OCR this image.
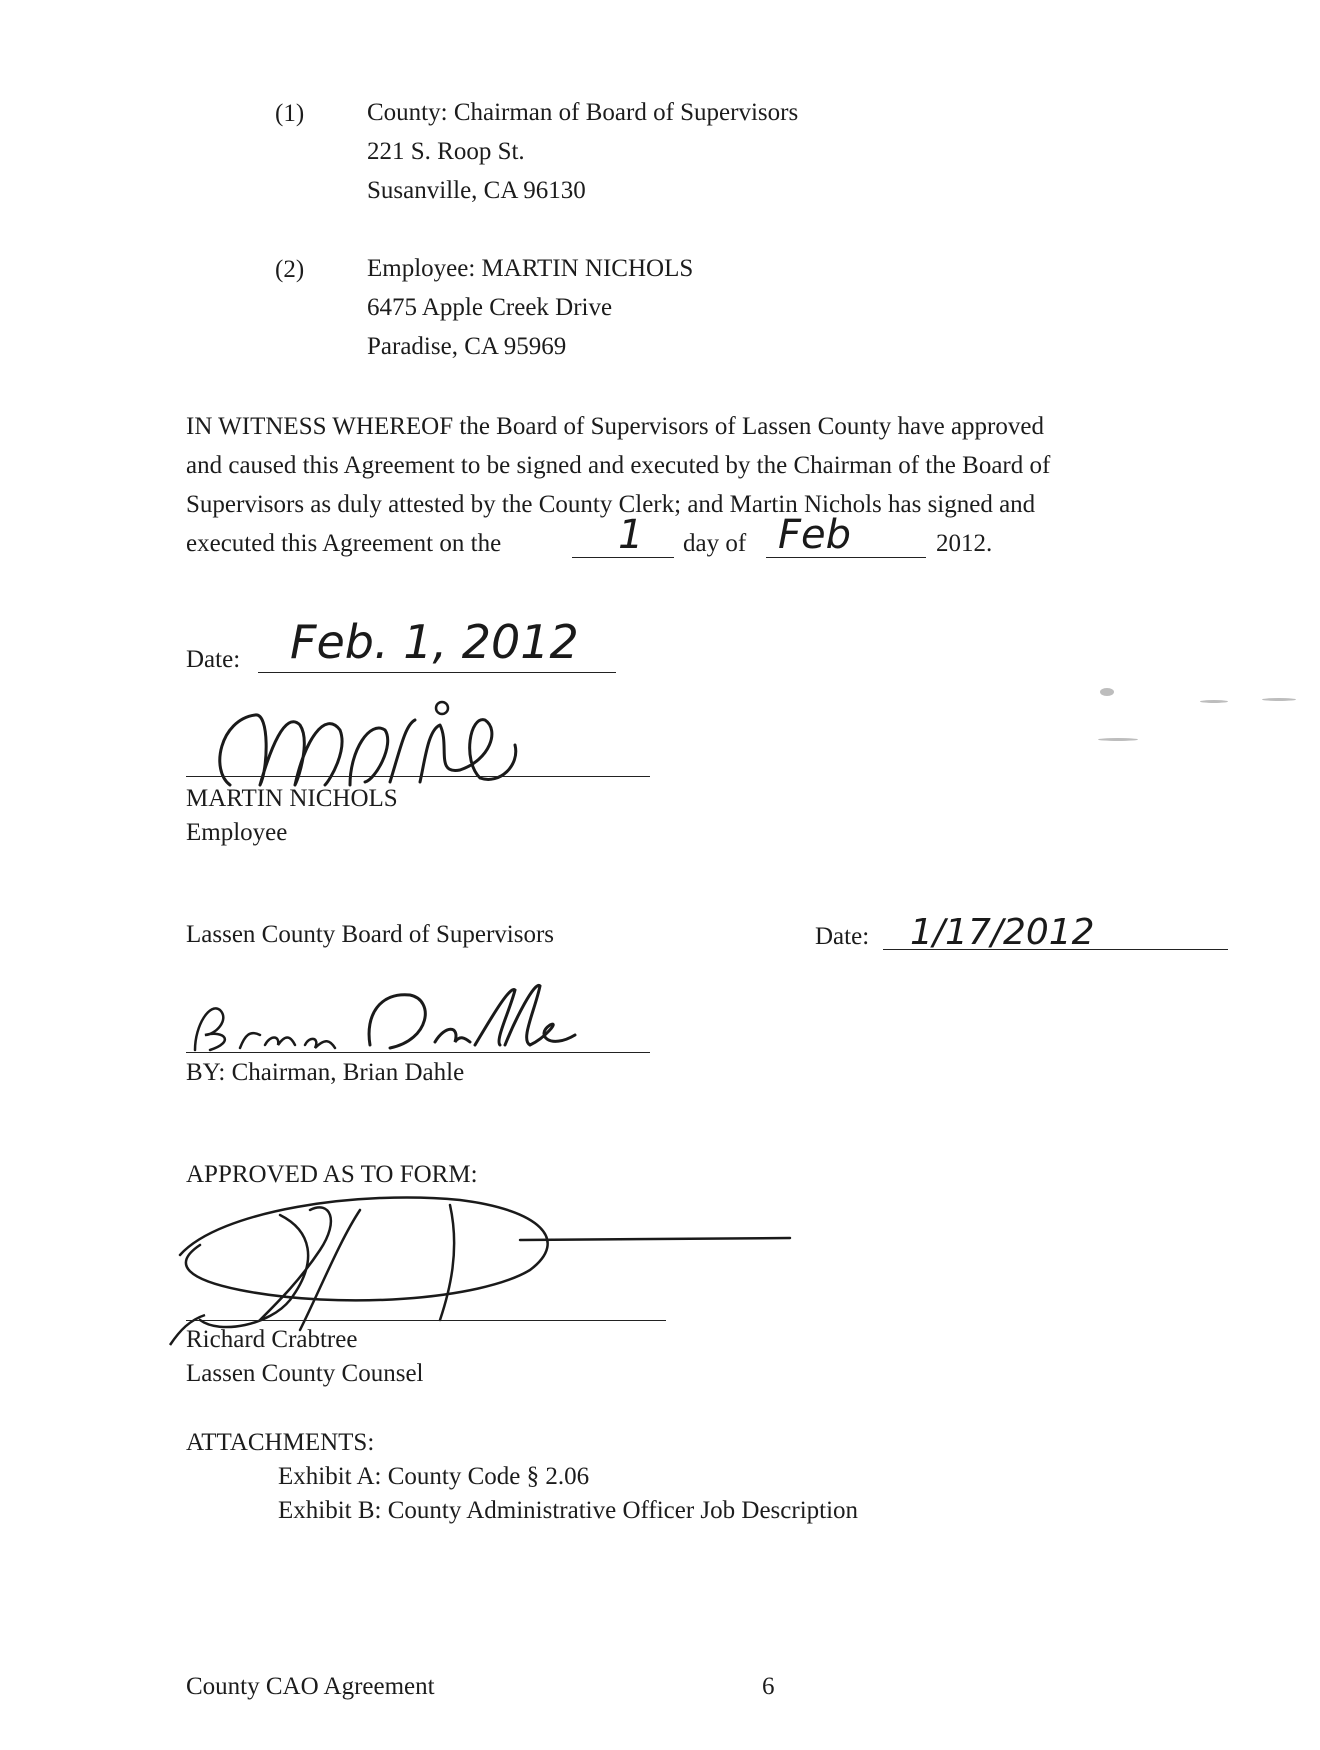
(1)	County: Chairman of Board of Supervisors
221 S. Roop St.
Susanville, CA 96130
(2)	Employee: MARTIN NICHOLS
6475 Apple Creek Drive
Paradise, CA 95969
IN WITNESS WHEREOF the Board of Supervisors of Lassen County have approved
and caused this Agreement to be signed and executed by the Chairman of the Board of
Supervisors as duly attested by the County Clerk; and Martin Nichols has signed and
executed this Agreement on the	1 day of Feb	2012.
Date: Feb. 1, 2012
MARTIN NICHOLS
Employee
Lassen County Board of Supervisors	Date: 1/17/2012
BY: Chairman, Brian Dahle
APPROVED AS TO FORM:
Richard Crabtree
Lassen County Counsel
ATTACHMENTS:
Exhibit A: County Code § 2.06
Exhibit B: County Administrative Officer Job Description
County CAO Agreement	6
